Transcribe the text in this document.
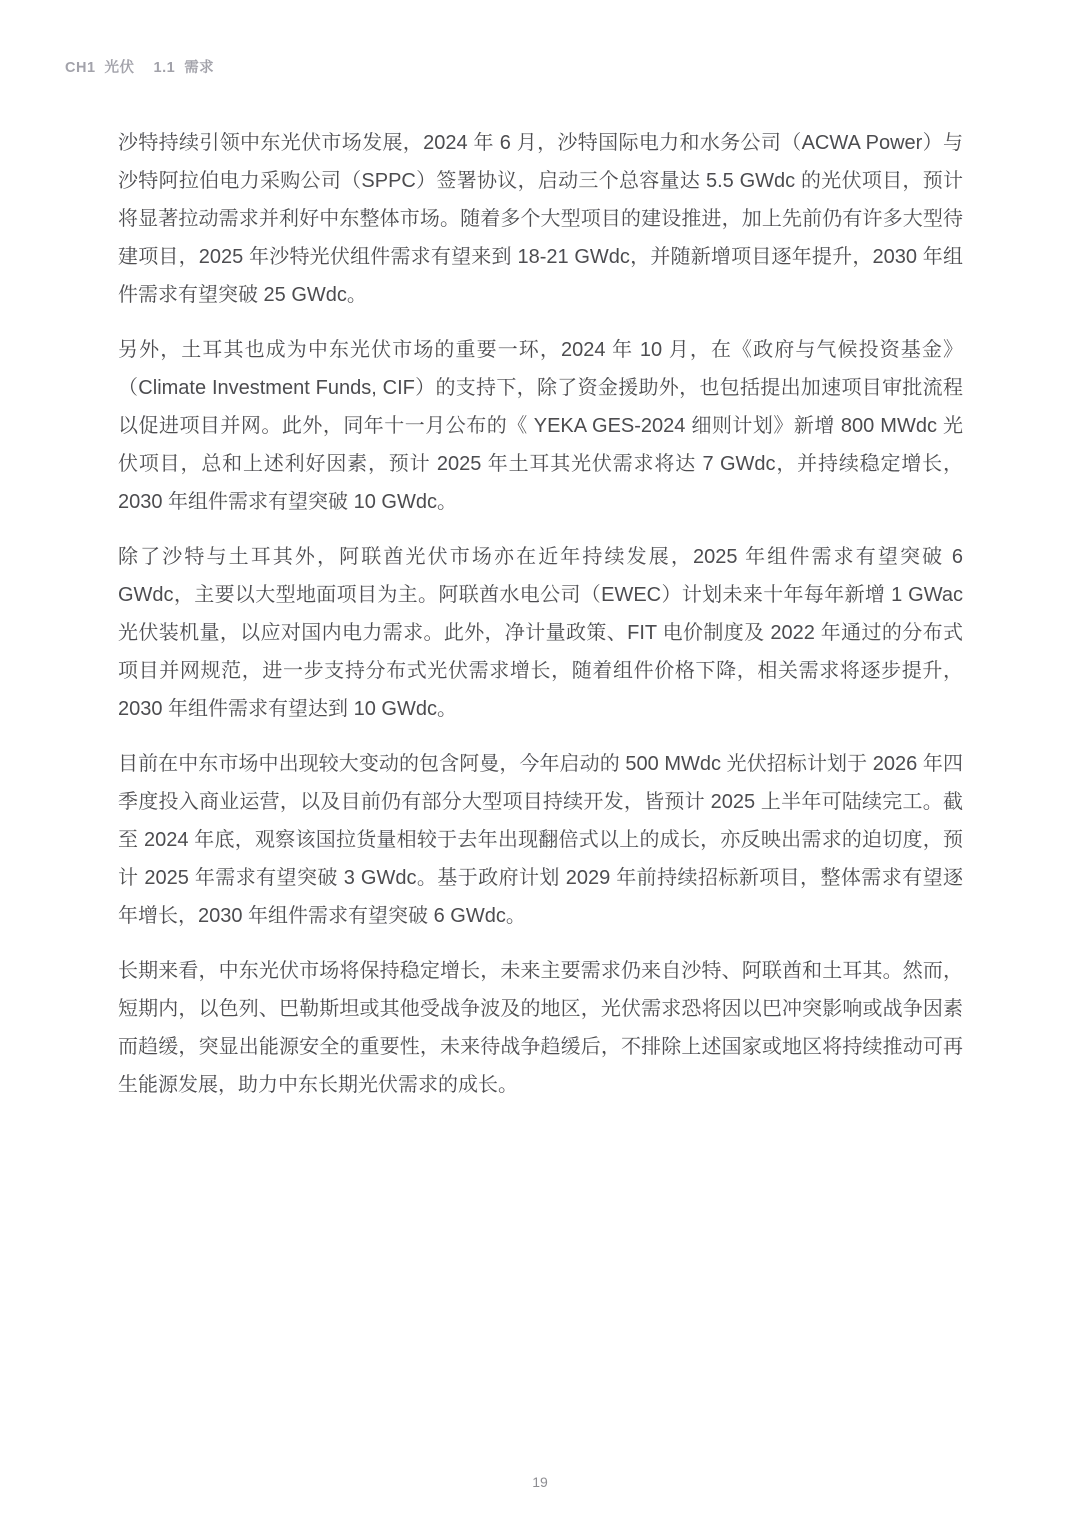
CH1 光伏 1.1 需求

沙特持续引领中东光伏市场发展，2024 年 6 月，沙特国际电力和水务公司（ACWA Power）与沙特阿拉伯电力采购公司（SPPC）签署协议，启动三个总容量达 5.5 GWdc 的光伏项目，预计将显著拉动需求并利好中东整体市场。随着多个大型项目的建设推进，加上先前仍有许多大型待建项目，2025 年沙特光伏组件需求有望来到 18-21 GWdc，并随新增项目逐年提升，2030 年组件需求有望突破 25 GWdc。

另外，土耳其也成为中东光伏市场的重要一环，2024 年 10 月，在《政府与气候投资基金》（Climate Investment Funds, CIF）的支持下，除了资金援助外，也包括提出加速项目审批流程以促进项目并网。此外，同年十一月公布的《 YEKA GES-2024 细则计划》新增 800 MWdc 光伏项目，总和上述利好因素，预计 2025 年土耳其光伏需求将达 7 GWdc，并持续稳定增长，2030 年组件需求有望突破 10 GWdc。

除了沙特与土耳其外，阿联酋光伏市场亦在近年持续发展，2025 年组件需求有望突破 6 GWdc，主要以大型地面项目为主。阿联酋水电公司（EWEC）计划未来十年每年新增 1 GWac 光伏装机量，以应对国内电力需求。此外，净计量政策、FIT 电价制度及 2022 年通过的分布式项目并网规范，进一步支持分布式光伏需求增长，随着组件价格下降，相关需求将逐步提升，2030 年组件需求有望达到 10 GWdc。

目前在中东市场中出现较大变动的包含阿曼，今年启动的 500 MWdc 光伏招标计划于 2026 年四季度投入商业运营，以及目前仍有部分大型项目持续开发，皆预计 2025 上半年可陆续完工。截至 2024 年底，观察该国拉货量相较于去年出现翻倍式以上的成长，亦反映出需求的迫切度，预计 2025 年需求有望突破 3 GWdc。基于政府计划 2029 年前持续招标新项目，整体需求有望逐年增长，2030 年组件需求有望突破 6 GWdc。

长期来看，中东光伏市场将保持稳定增长，未来主要需求仍来自沙特、阿联酋和土耳其。然而，短期内，以色列、巴勒斯坦或其他受战争波及的地区，光伏需求恐将因以巴冲突影响或战争因素而趋缓，突显出能源安全的重要性，未来待战争趋缓后，不排除上述国家或地区将持续推动可再生能源发展，助力中东长期光伏需求的成长。

19
